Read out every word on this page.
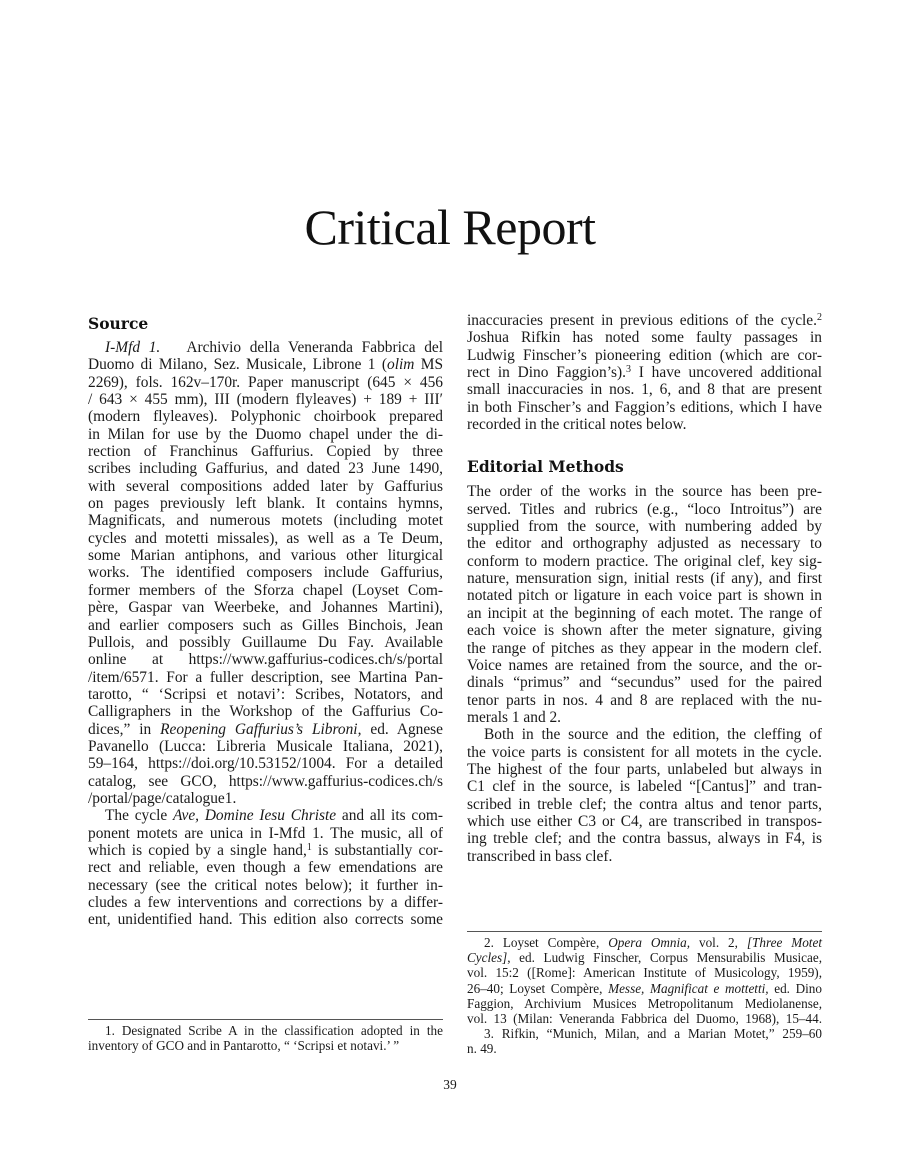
Critical Report
Source
I-Mfd 1. Archivio della Veneranda Fabbrica del
Duomo di Milano, Sez. Musicale, Librone 1 (olim MS
2269), fols. 162v–170r. Paper manuscript (645 × 456
/ 643 × 455 mm), III (modern flyleaves) + 189 + III′
(modern flyleaves). Polyphonic choirbook prepared
in Milan for use by the Duomo chapel under the di-
rection of Franchinus Gaffurius. Copied by three
scribes including Gaffurius, and dated 23 June 1490,
with several compositions added later by Gaffurius
on pages previously left blank. It contains hymns,
Magnificats, and numerous motets (including motet
cycles and motetti missales), as well as a Te Deum,
some Marian antiphons, and various other liturgical
works. The identified composers include Gaffurius,
former members of the Sforza chapel (Loyset Com-
père, Gaspar van Weerbeke, and Johannes Martini),
and earlier composers such as Gilles Binchois, Jean
Pullois, and possibly Guillaume Du Fay. Available
online at https://www.gaffurius-codices.ch/s/portal
/item/6571. For a fuller description, see Martina Pan-
tarotto, “ ‘Scripsi et notavi’: Scribes, Notators, and
Calligraphers in the Workshop of the Gaffurius Co-
dices,” in Reopening Gaffurius’s Libroni, ed. Agnese
Pavanello (Lucca: Libreria Musicale Italiana, 2021),
59–164, https://doi.org/10.53152/1004. For a detailed
catalog, see GCO, https://www.gaffurius-codices.ch/s
/portal/page/catalogue1.
The cycle Ave, Domine Iesu Christe and all its com-
ponent motets are unica in I-Mfd 1. The music, all of
which is copied by a single hand,$^1$ is substantially cor-
rect and reliable, even though a few emendations are
necessary (see the critical notes below); it further in-
cludes a few interventions and corrections by a differ-
ent, unidentified hand. This edition also corrects some
inaccuracies present in previous editions of the cycle.$^2$
Joshua Rifkin has noted some faulty passages in
Ludwig Finscher’s pioneering edition (which are cor-
rect in Dino Faggion’s).$^3$ I have uncovered additional
small inaccuracies in nos. 1, 6, and 8 that are present
in both Finscher’s and Faggion’s editions, which I have
recorded in the critical notes below.
Editorial Methods
The order of the works in the source has been pre-
served. Titles and rubrics (e.g., “loco Introitus”) are
supplied from the source, with numbering added by
the editor and orthography adjusted as necessary to
conform to modern practice. The original clef, key sig-
nature, mensuration sign, initial rests (if any), and first
notated pitch or ligature in each voice part is shown in
an incipit at the beginning of each motet. The range of
each voice is shown after the meter signature, giving
the range of pitches as they appear in the modern clef.
Voice names are retained from the source, and the or-
dinals “primus” and “secundus” used for the paired
tenor parts in nos. 4 and 8 are replaced with the nu-
merals 1 and 2.
Both in the source and the edition, the cleffing of
the voice parts is consistent for all motets in the cycle.
The highest of the four parts, unlabeled but always in
C1 clef in the source, is labeled “[Cantus]” and tran-
scribed in treble clef; the contra altus and tenor parts,
which use either C3 or C4, are transcribed in transpos-
ing treble clef; and the contra bassus, always in F4, is
transcribed in bass clef.
1. Designated Scribe A in the classification adopted in the
inventory of GCO and in Pantarotto, “ ‘Scripsi et notavi.’ ”
2. Loyset Compère, Opera Omnia, vol. 2, [Three Motet
Cycles], ed. Ludwig Finscher, Corpus Mensurabilis Musicae,
vol. 15:2 ([Rome]: American Institute of Musicology, 1959),
26–40; Loyset Compère, Messe, Magnificat e mottetti, ed. Dino
Faggion, Archivium Musices Metropolitanum Mediolanense,
vol. 13 (Milan: Veneranda Fabbrica del Duomo, 1968), 15–44.
3. Rifkin, “Munich, Milan, and a Marian Motet,” 259–60
n. 49.
39
